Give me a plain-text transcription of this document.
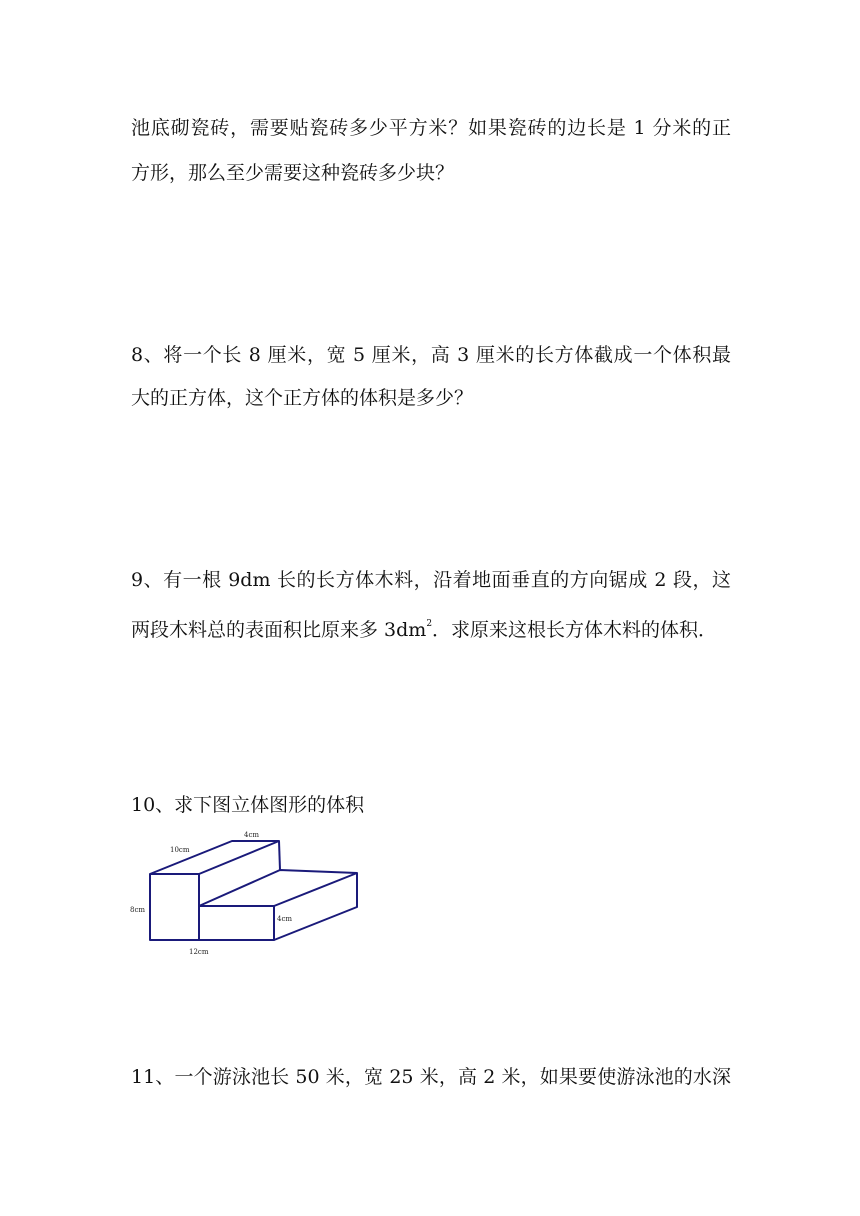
池底砌瓷砖，需要贴瓷砖多少平方米？如果瓷砖的边长是 1 分米的正
方形，那么至少需要这种瓷砖多少块？
8、将一个长 8 厘米，宽 5 厘米，高 3 厘米的长方体截成一个体积最
大的正方体，这个正方体的体积是多少？
9、有一根 9dm 长的长方体木料，沿着地面垂直的方向锯成 2 段，这
两段木料总的表面积比原来多 $3dm^2$．求原来这根长方体木料的体积．
10、求下图立体图形的体积
4cm
10cm
8cm
4cm
12cm
11、一个游泳池长 50 米，宽 25 米，高 2 米，如果要使游泳池的水深
